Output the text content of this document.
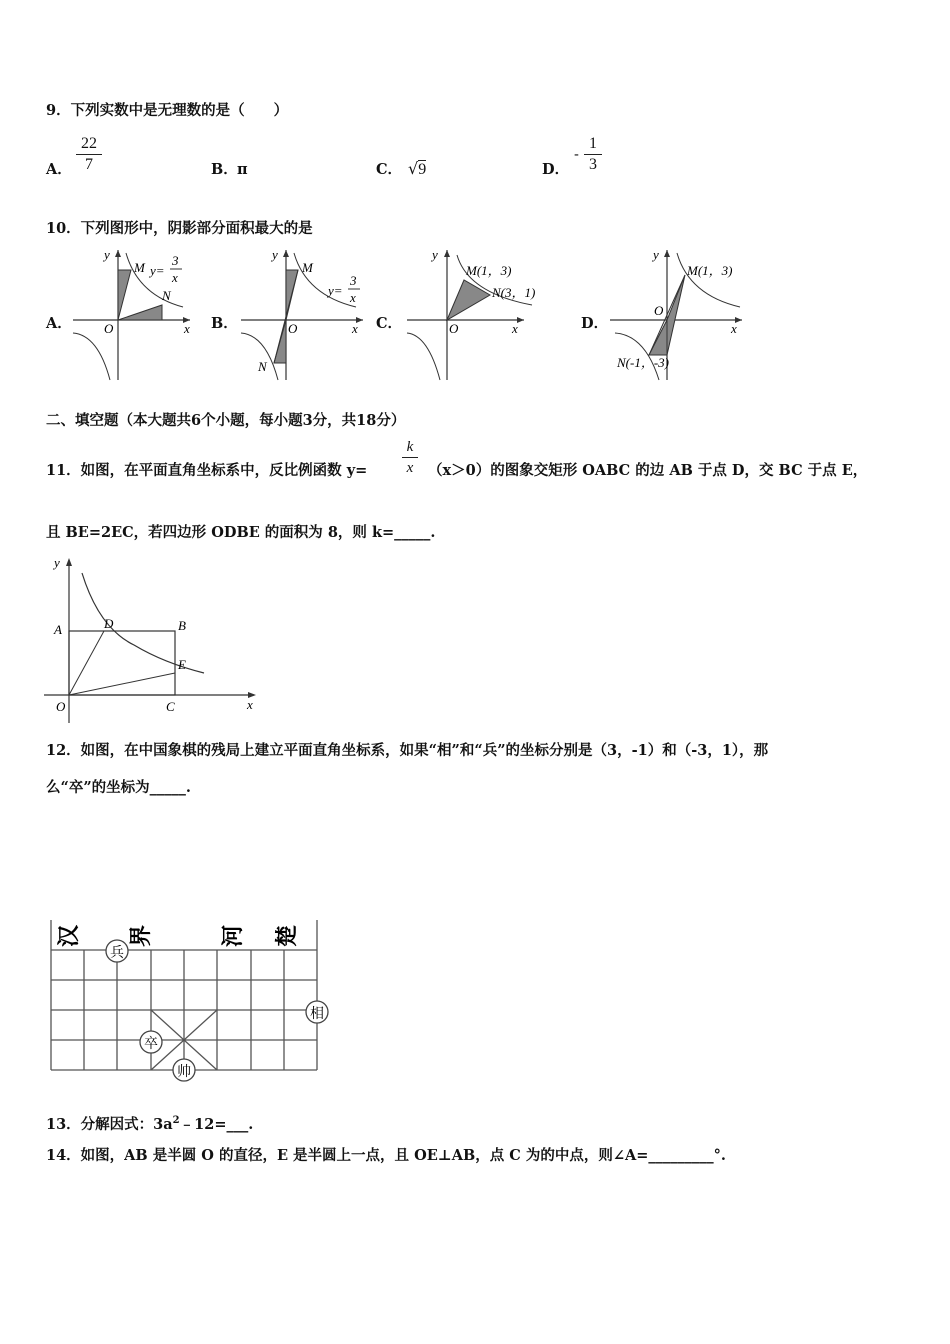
9．下列实数中是无理数的是（　　）
A． $\frac{22}{7}$	B． π	C． √9	D．
- $\frac{1}{3}$
10．下列图形中，阴影部分面积最大的是
A．	B．	C．	D．
y
x
O
M
N
y=
3
x
y
x
O
M
N
y=
3
x
y
x
O
M(1，3)
N(3，1)
y
x
O
M(1，3)
N(-1，-3)
二、填空题（本大题共6个小题，每小题3分，共18分）
11．如图，在平面直角坐标系中，反比例函数 $y= \frac{k}{x} (x>0)$的图象交矩形 OABC 的边 AB 于点 D，交 BC 于点 E，
且 BE=2EC，若四边形 ODBE 的面积为 8，则 k=_____.
y
x
A	B
C
D
E
O
12．如图，在中国象棋的残局上建立平面直角坐标系，如果“相”和“兵”的坐标分别是（3，-1）和（-3，1），那
么“卒”的坐标为_____.
汉 界	河 楚
兵
相
卒
帅
13．分解因式：$3a^2﹣12=\_\_\_$.
14．如图，AB 是半圆 O 的直径，E 是半圆上一点，且 OE⊥AB，点 C 为的中点，则∠A=_________°.
